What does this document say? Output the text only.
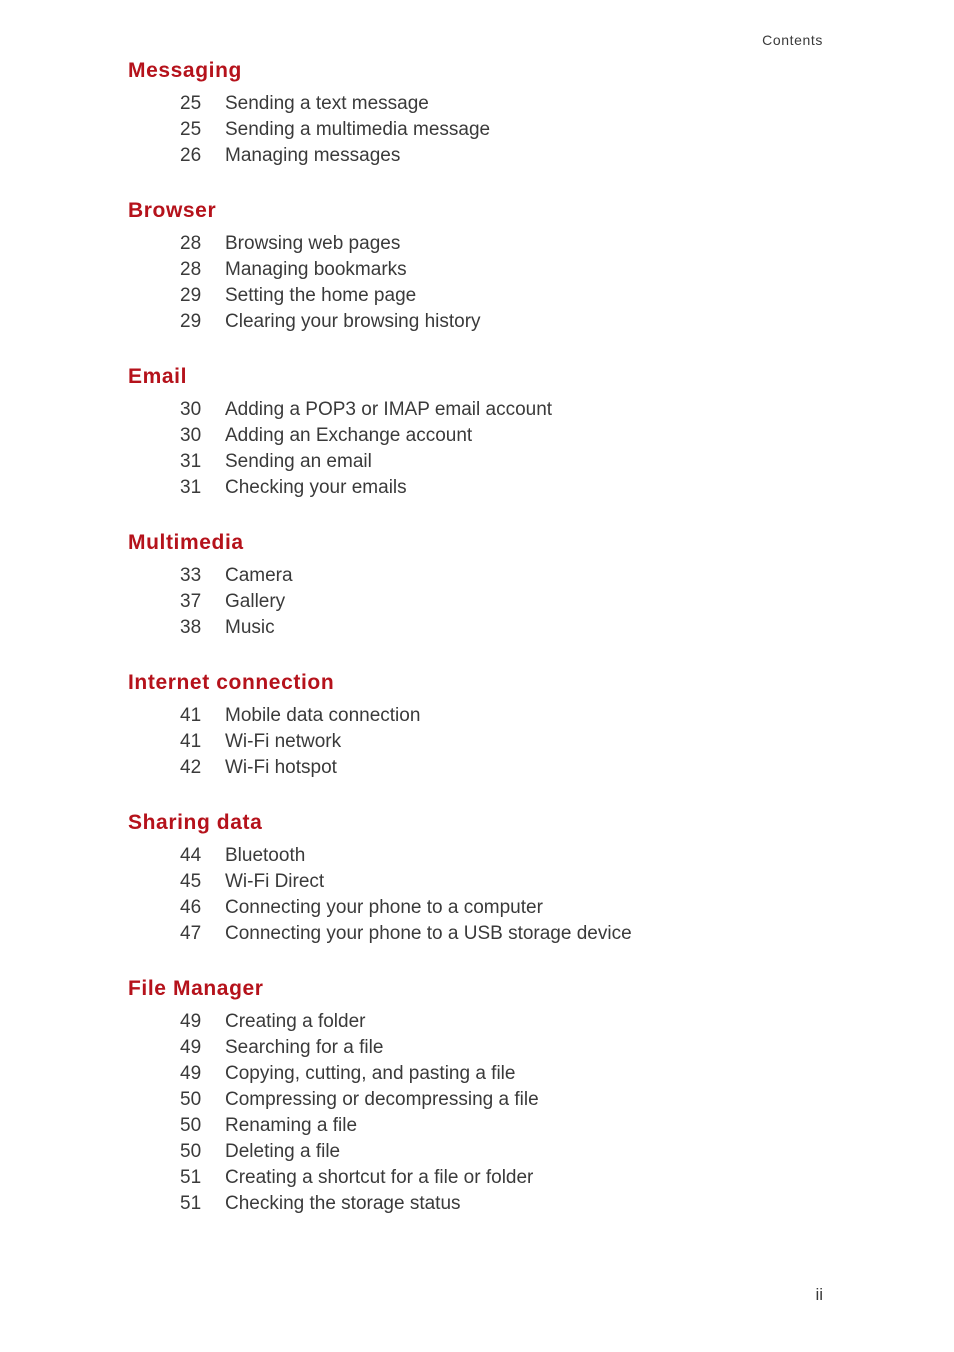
Contents
Messaging
25	Sending a text message
25	Sending a multimedia message
26	Managing messages
Browser
28	Browsing web pages
28	Managing bookmarks
29	Setting the home page
29	Clearing your browsing history
Email
30	Adding a POP3 or IMAP email account
30	Adding an Exchange account
31	Sending an email
31	Checking your emails
Multimedia
33	Camera
37	Gallery
38	Music
Internet connection
41	Mobile data connection
41	Wi-Fi network
42	Wi-Fi hotspot
Sharing data
44	Bluetooth
45	Wi-Fi Direct
46	Connecting your phone to a computer
47	Connecting your phone to a USB storage device
File Manager
49	Creating a folder
49	Searching for a file
49	Copying, cutting, and pasting a file
50	Compressing or decompressing a file
50	Renaming a file
50	Deleting a file
51	Creating a shortcut for a file or folder
51	Checking the storage status
ii
